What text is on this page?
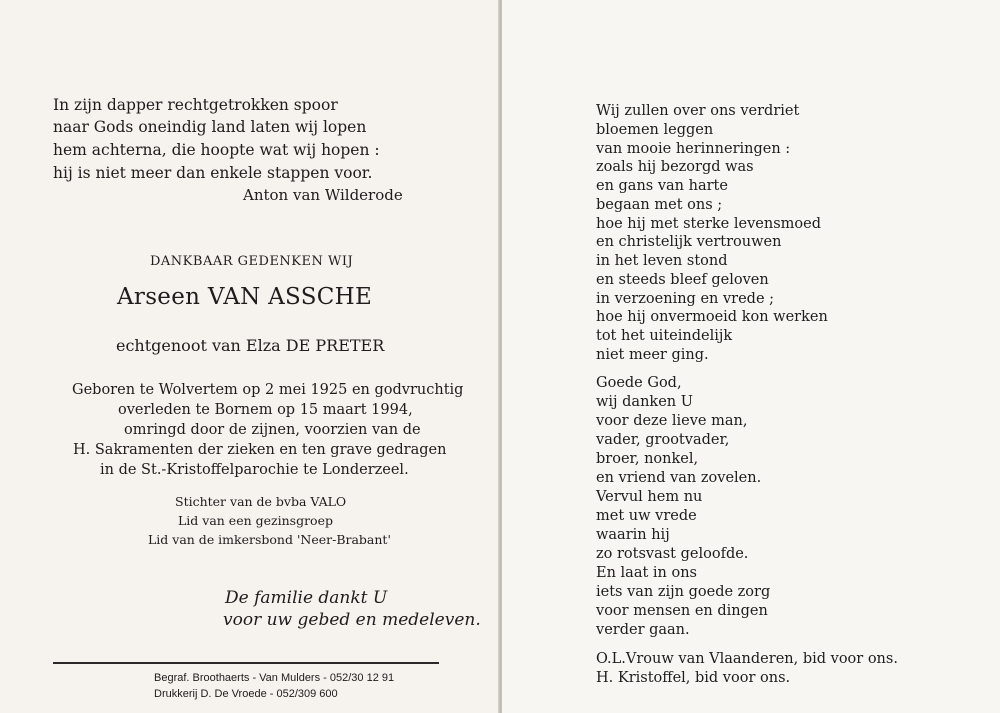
In zijn dapper rechtgetrokken spoor
naar Gods oneindig land laten wij lopen
hem achterna, die hoopte wat wij hopen :
hij is niet meer dan enkele stappen voor.
Anton van Wilderode
DANKBAAR GEDENKEN WIJ
Arseen VAN ASSCHE
echtgenoot van Elza DE PRETER
Geboren te Wolvertem op 2 mei 1925 en godvruchtig
overleden te Bornem op 15 maart 1994,
omringd door de zijnen, voorzien van de
H. Sakramenten der zieken en ten grave gedragen
in de St.-Kristoffelparochie te Londerzeel.
Stichter van de bvba VALO
Lid van een gezinsgroep
Lid van de imkersbond 'Neer-Brabant'
De familie dankt U
voor uw gebed en medeleven.
Begraf. Broothaerts - Van Mulders - 052/30 12 91
Drukkerij D. De Vroede - 052/309 600
Wij zullen over ons verdriet
bloemen leggen
van mooie herinneringen :
zoals hij bezorgd was
en gans van harte
begaan met ons ;
hoe hij met sterke levensmoed
en christelijk vertrouwen
in het leven stond
en steeds bleef geloven
in verzoening en vrede ;
hoe hij onvermoeid kon werken
tot het uiteindelijk
niet meer ging.
Goede God,
wij danken U
voor deze lieve man,
vader, grootvader,
broer, nonkel,
en vriend van zovelen.
Vervul hem nu
met uw vrede
waarin hij
zo rotsvast geloofde.
En laat in ons
iets van zijn goede zorg
voor mensen en dingen
verder gaan.
O.L.Vrouw van Vlaanderen, bid voor ons.
H. Kristoffel, bid voor ons.
